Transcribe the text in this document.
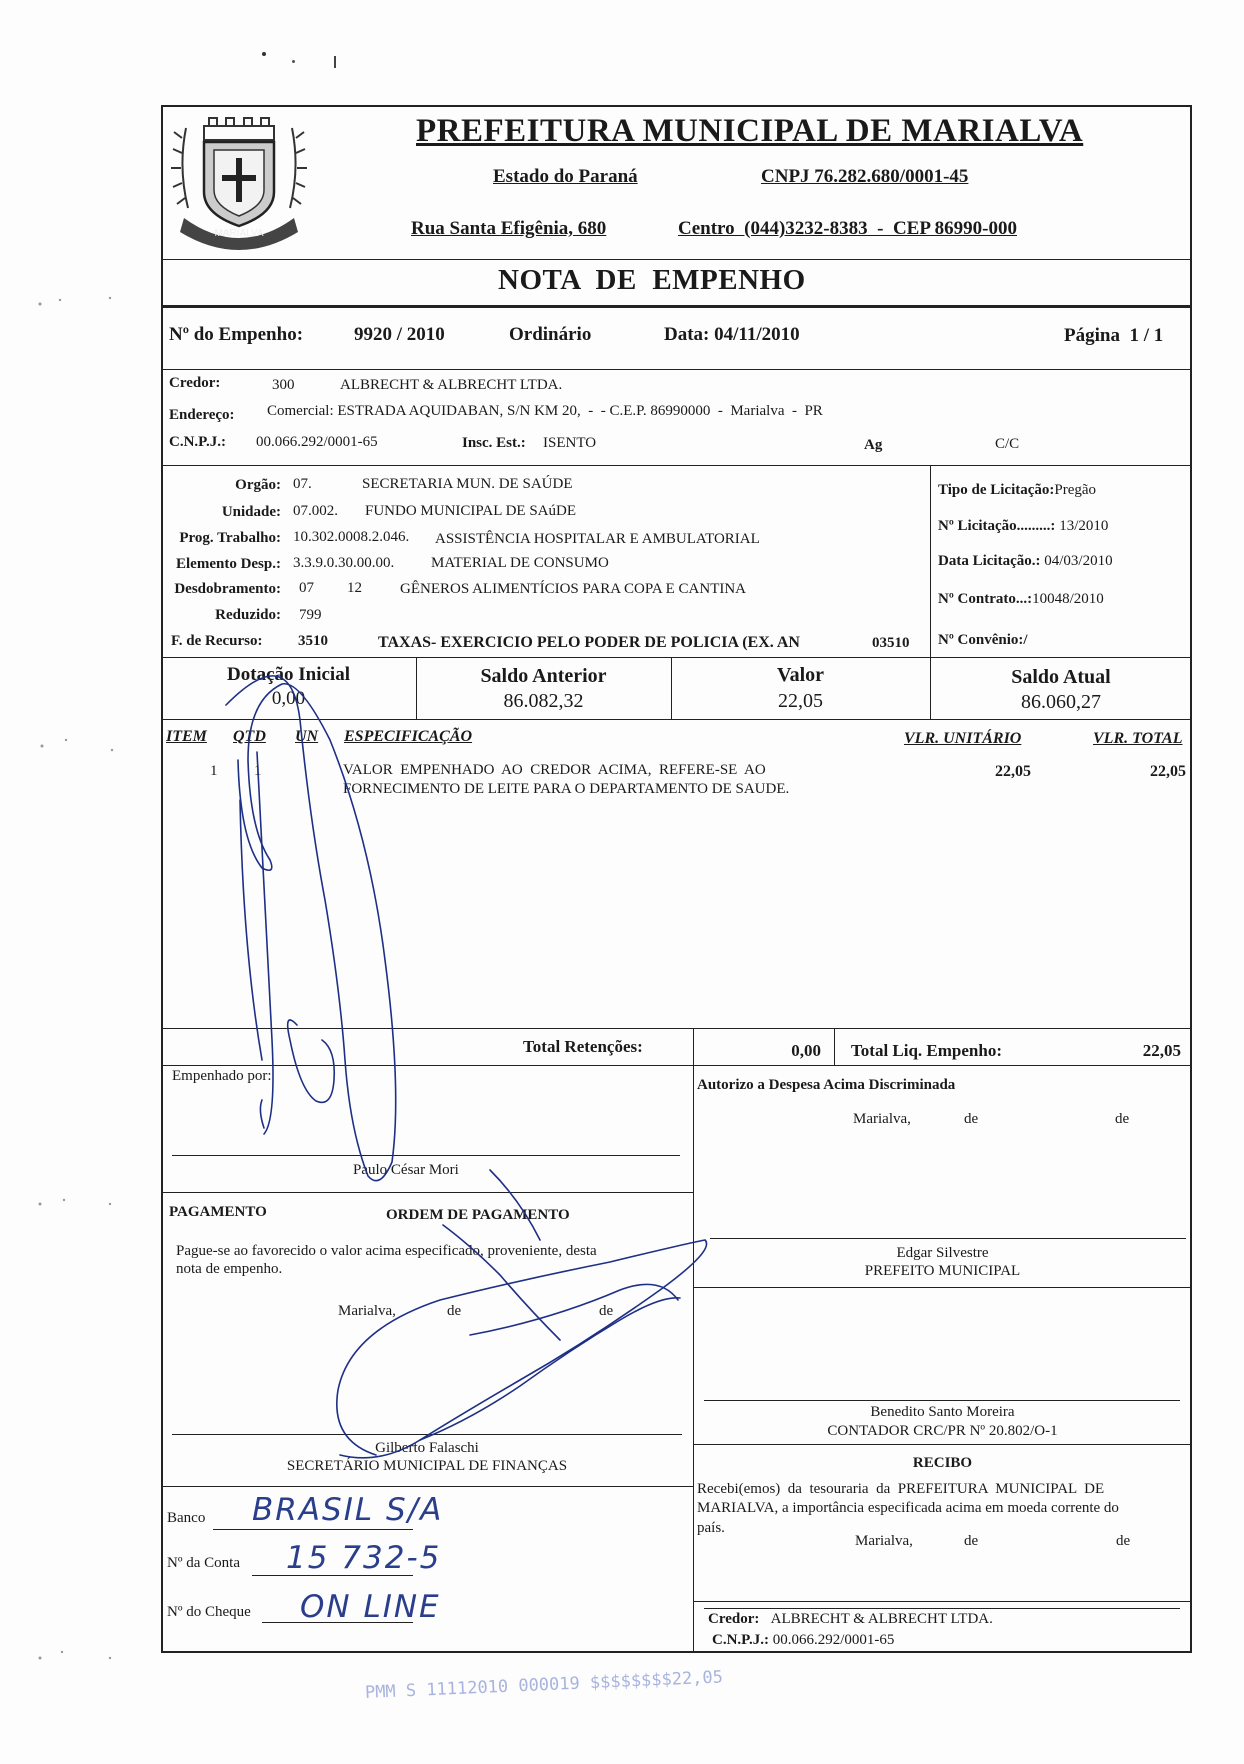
MARIALVA
PREFEITURA MUNICIPAL DE MARIALVA
Estado do Paraná	CNPJ 76.282.680/0001-45
Rua Santa Efigênia, 680	Centro  (044)3232-8383  -  CEP 86990-000
NOTA  DE  EMPENHO
Nº do Empenho:	9920 / 2010	Ordinário	Data: 04/11/2010	Página  1 / 1
Credor:	300	ALBRECHT & ALBRECHT LTDA.
Endereço: Comercial: ESTRADA AQUIDABAN, S/N KM 20,  -  - C.E.P. 86990000  -  Marialva  -  PR
C.N.P.J.: 00.066.292/0001-65	Insc. Est.: ISENTO	Ag	C/C
Orgão: 07.	SECRETARIA MUN. DE SAÚDE
Unidade: 07.002. FUNDO MUNICIPAL DE SAúDE
Prog. Trabalho: 10.302.0008.2.046. ASSISTÊNCIA HOSPITALAR E AMBULATORIAL
Elemento Desp.: 3.3.9.0.30.00.00. MATERIAL DE CONSUMO
Desdobramento: 07 12	GÊNEROS ALIMENTÍCIOS PARA COPA E CANTINA
Reduzido: 799
F. de Recurso: 3510	TAXAS- EXERCICIO PELO PODER DE POLICIA (EX. AN	03510
Tipo de Licitação:Pregão
Nº Licitação.........: 13/2010
Data Licitação.: 04/03/2010
Nº Contrato...:10048/2010
Nº Convênio:/
Dotação Inicial
0,00
Saldo Anterior
86.082,32
Valor
22,05
Saldo Atual
86.060,27
ITEM QTD UN ESPECIFICAÇÃO	VLR. UNITÁRIO	VLR. TOTAL
1 1	VALOR  EMPENHADO  AO  CREDOR  ACIMA,  REFERE-SE  AO
FORNECIMENTO DE LEITE PARA O DEPARTAMENTO DE SAUDE.
22,05	22,05
Total Retenções:	0,00 Total Liq. Empenho:	22,05
Empenhado por:
Paulo César Mori
Autorizo a Despesa Acima Discriminada
Marialva,	de	de
Edgar Silvestre
PREFEITO MUNICIPAL
Benedito Santo Moreira
CONTADOR CRC/PR Nº 20.802/O-1
PAGAMENTO	ORDEM DE PAGAMENTO
Pague-se ao favorecido o valor acima especificado, proveniente, desta
nota de empenho.
Marialva,	de	de
Gilberto Falaschi
SECRETÁRIO MUNICIPAL DE FINANÇAS
Banco BRASIL S/A
Nº da Conta 15 732-5
Nº do Cheque ON LINE
RECIBO
Recebi(emos)  da  tesouraria  da  PREFEITURA  MUNICIPAL  DE
MARIALVA, a importância especificada acima em moeda corrente do
país.
Marialva,	de	de
Credor: ALBRECHT & ALBRECHT LTDA.
C.N.P.J.: 00.066.292/0001-65
PMM S 11112010 000019 $$$$$$$$22,05
